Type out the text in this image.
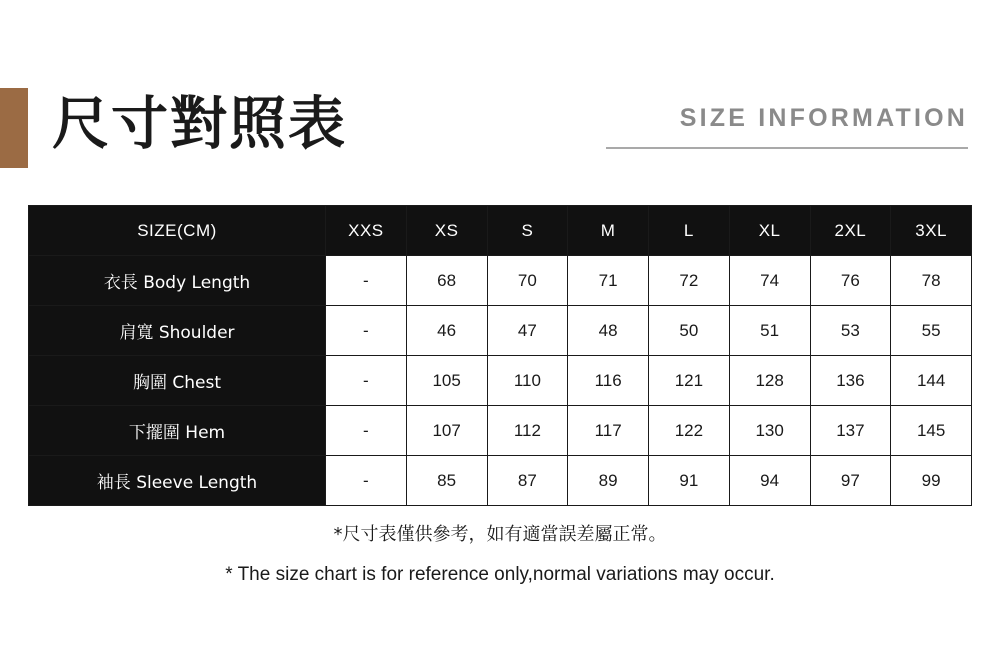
尺寸對照表	SIZE INFORMATION
SIZE(CM)	XXS	XS	S	M	L	XL	2XL	3XL
衣長 Body Length	-	68	70	71	72	74	76	78
肩寬 Shoulder	-	46	47	48	50	51	53	55
胸圍 Chest	-	105	110	116	121	128	136	144
下擺圍 Hem	-	107	112	117	122	130	137	145
袖長 Sleeve Length	-	85	87	89	91	94	97	99
*尺寸表僅供參考，如有適當誤差屬正常。
* The size chart is for reference only,normal variations may occur.
